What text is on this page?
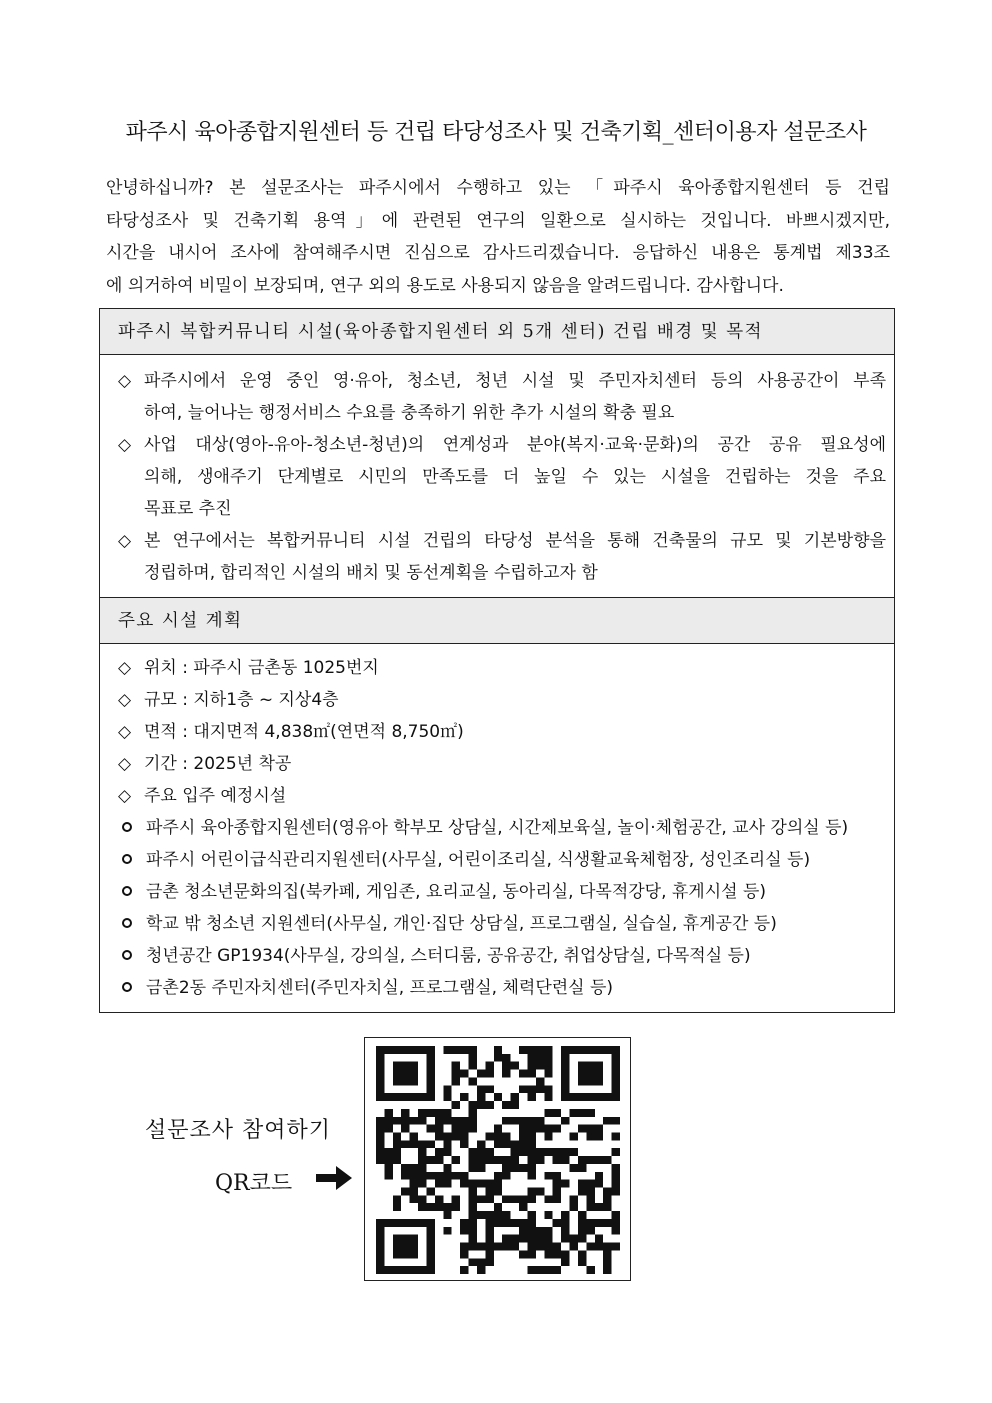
파주시 육아종합지원센터 등 건립 타당성조사 및 건축기획_센터이용자 설문조사
안녕하십니까? 본 설문조사는 파주시에서 수행하고 있는 「파주시 육아종합지원센터 등 건립
타당성조사 및 건축기획 용역」에 관련된 연구의 일환으로 실시하는 것입니다. 바쁘시겠지만,
시간을 내시어 조사에 참여해주시면 진심으로 감사드리겠습니다. 응답하신 내용은 통계법 제33조
에 의거하여 비밀이 보장되며, 연구 외의 용도로 사용되지 않음을 알려드립니다. 감사합니다.
파주시 복합커뮤니티 시설(육아종합지원센터 외 5개 센터) 건립 배경 및 목적
◇ 파주시에서 운영 중인 영·유아, 청소년, 청년 시설 및 주민자치센터 등의 사용공간이 부족
하여, 늘어나는 행정서비스 수요를 충족하기 위한 추가 시설의 확충 필요
◇ 사업 대상(영아-유아-청소년-청년)의 연계성과 분야(복지·교육·문화)의 공간 공유 필요성에
의해, 생애주기 단계별로 시민의 만족도를 더 높일 수 있는 시설을 건립하는 것을 주요
목표로 추진
◇ 본 연구에서는 복합커뮤니티 시설 건립의 타당성 분석을 통해 건축물의 규모 및 기본방향을
정립하며, 합리적인 시설의 배치 및 동선계획을 수립하고자 함
주요 시설 계획
◇ 위치 : 파주시 금촌동 1025번지
◇ 규모 : 지하1층 ~ 지상4층
◇ 면적 : 대지면적 4,838㎡(연면적 8,750㎡)
◇ 기간 : 2025년 착공
◇ 주요 입주 예정시설
파주시 육아종합지원센터(영유아 학부모 상담실, 시간제보육실, 놀이·체험공간, 교사 강의실 등)
파주시 어린이급식관리지원센터(사무실, 어린이조리실, 식생활교육체험장, 성인조리실 등)
금촌 청소년문화의집(북카페, 게임존, 요리교실, 동아리실, 다목적강당, 휴게시설 등)
학교 밖 청소년 지원센터(사무실, 개인·집단 상담실, 프로그램실, 실습실, 휴게공간 등)
청년공간 GP1934(사무실, 강의실, 스터디룸, 공유공간, 취업상담실, 다목적실 등)
금촌2동 주민자치센터(주민자치실, 프로그램실, 체력단련실 등)
설문조사 참여하기
QR코드
